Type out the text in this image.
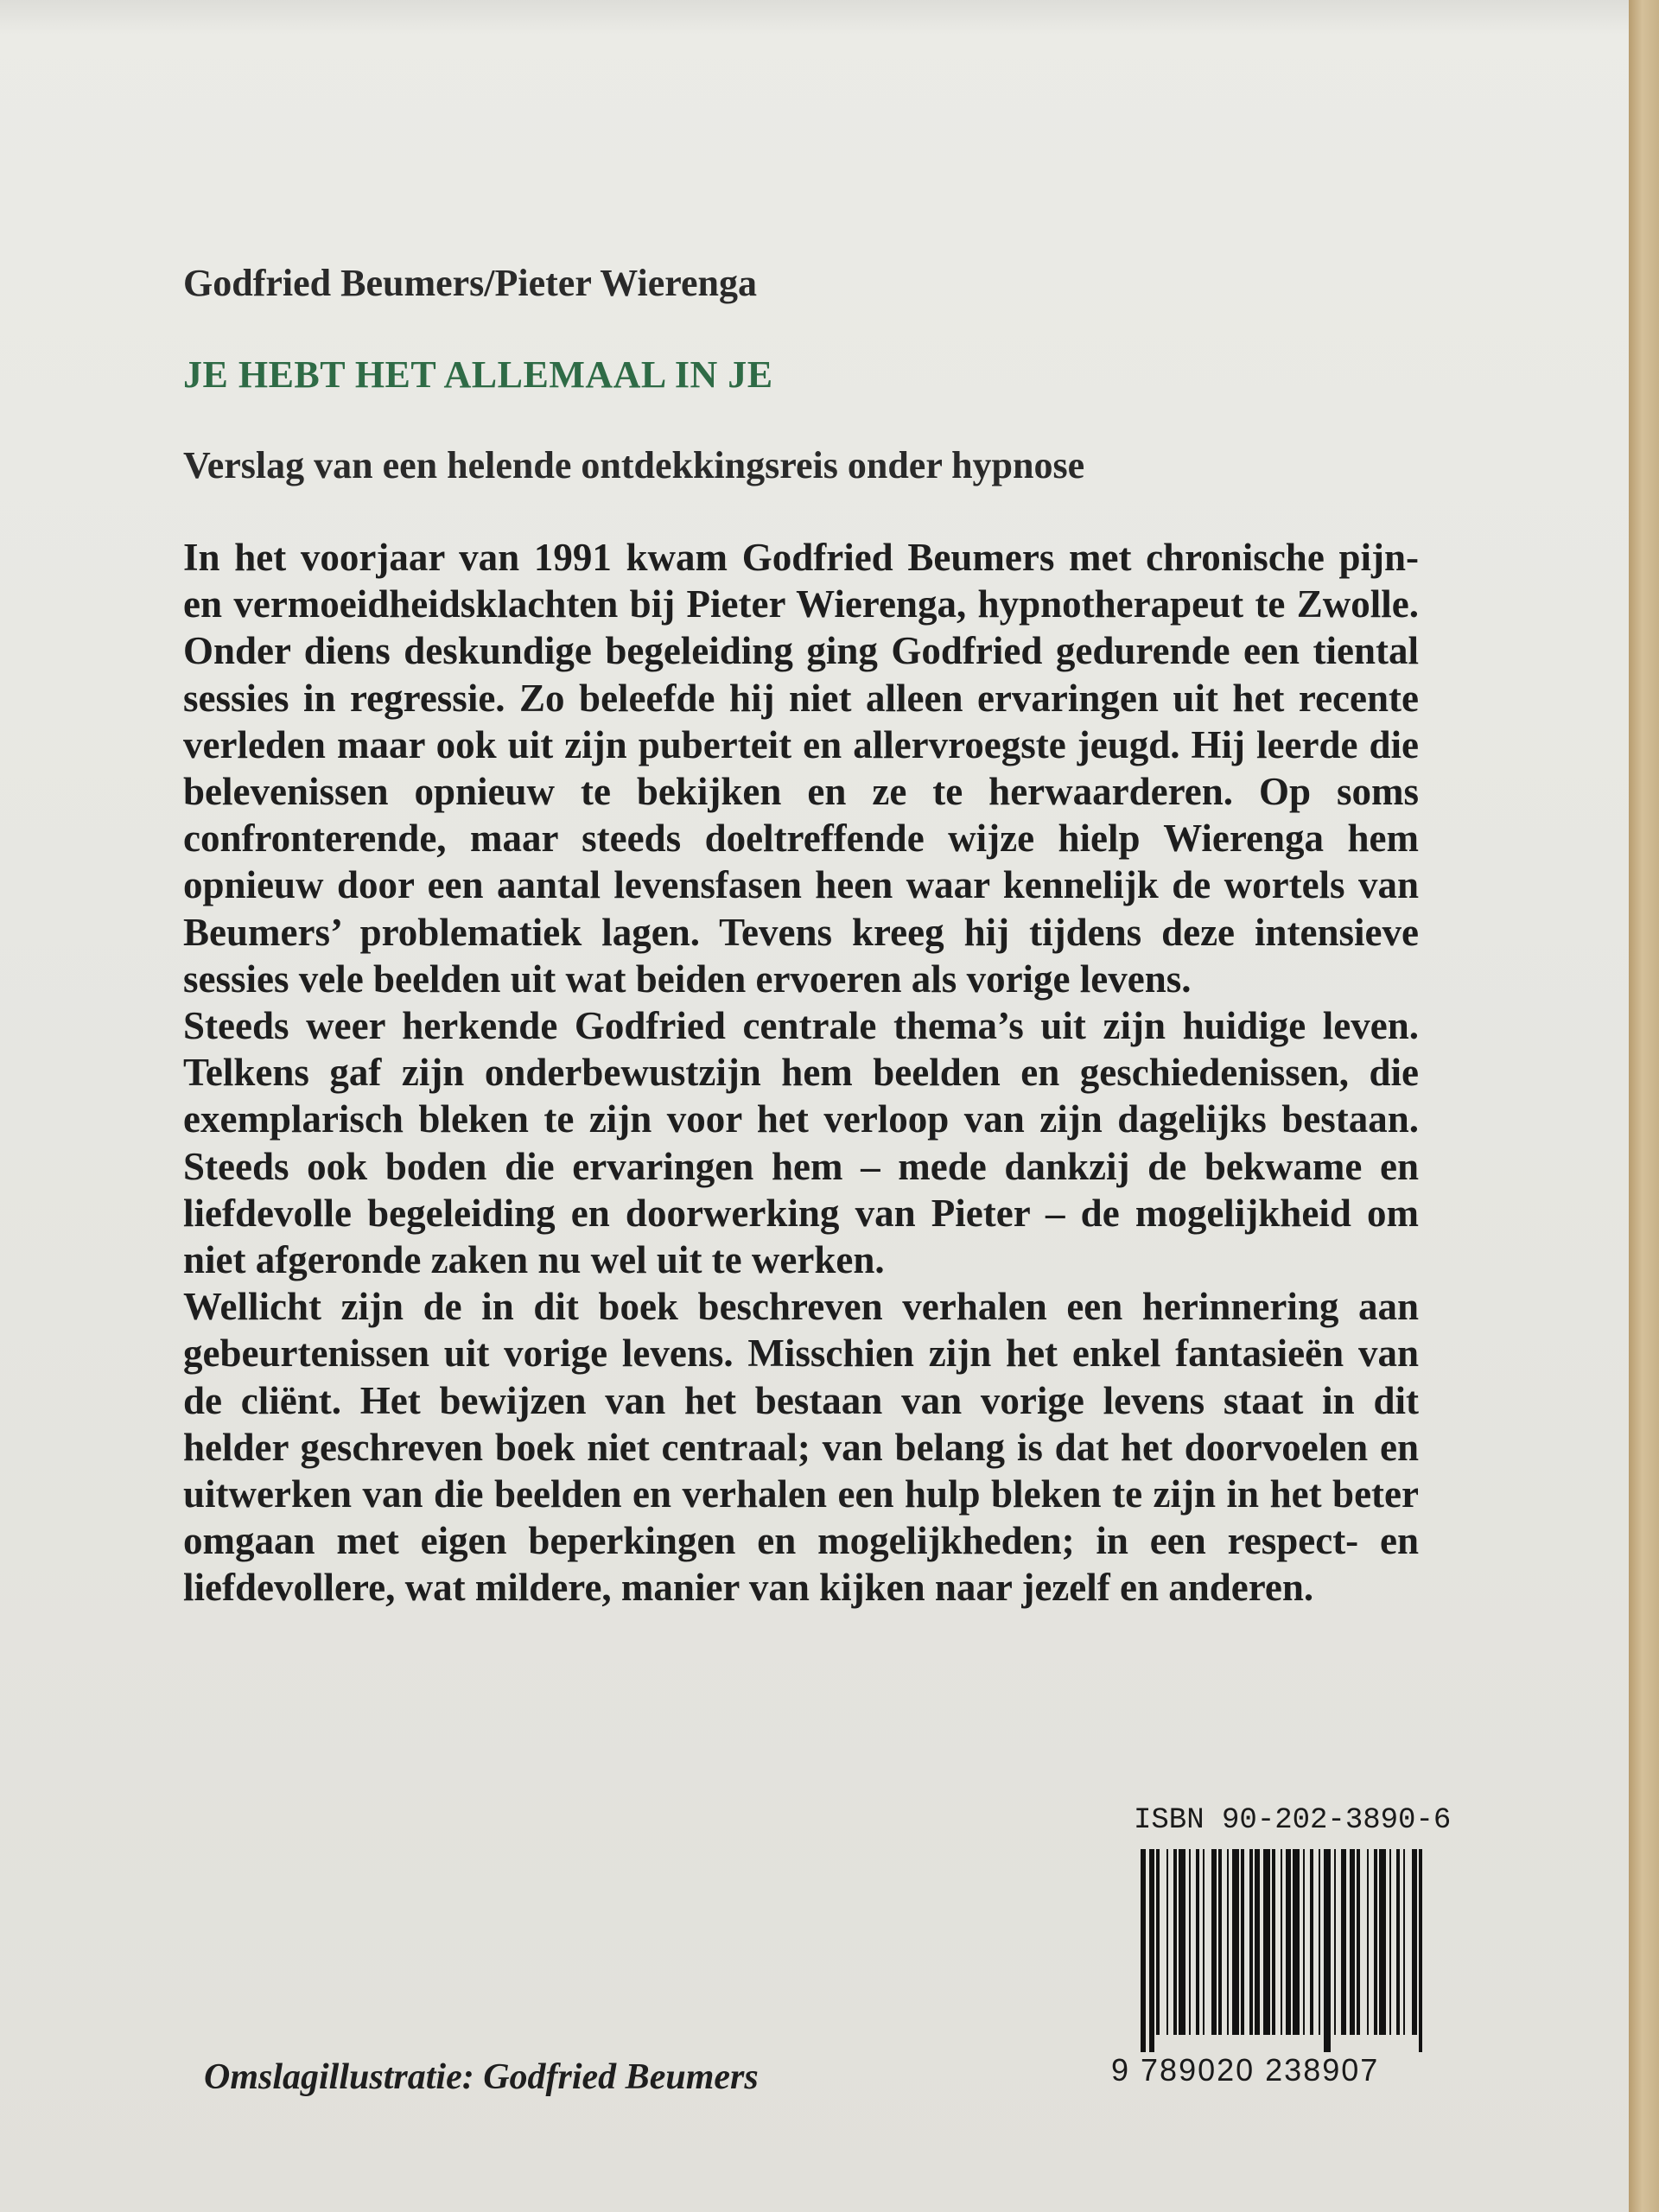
Godfried Beumers/Pieter Wierenga
JE HEBT HET ALLEMAAL IN JE
Verslag van een helende ontdekkingsreis onder hypnose

In het voorjaar van 1991 kwam Godfried Beumers met chronische pijn- en vermoeidheidsklachten bij Pieter Wierenga, hypnotherapeut te Zwolle. Onder diens deskundige begeleiding ging Godfried gedurende een tiental sessies in regressie. Zo beleefde hij niet alleen ervaringen uit het recente verleden maar ook uit zijn puberteit en allervroegste jeugd. Hij leerde die belevenissen opnieuw te bekijken en ze te herwaarderen. Op soms confronterende, maar steeds doeltreffende wijze hielp Wierenga hem opnieuw door een aantal levensfasen heen waar kennelijk de wortels van Beumers’ problematiek lagen. Tevens kreeg hij tijdens deze intensieve sessies vele beelden uit wat beiden ervoeren als vorige levens.

Steeds weer herkende Godfried centrale thema’s uit zijn huidige leven. Telkens gaf zijn onderbewustzijn hem beelden en geschiedenissen, die exemplarisch bleken te zijn voor het verloop van zijn dagelijks bestaan. Steeds ook boden die ervaringen hem – mede dankzij de bekwame en liefdevolle begeleiding en doorwerking van Pieter – de mogelijkheid om niet afgeronde zaken nu wel uit te werken.

Wellicht zijn de in dit boek beschreven verhalen een herinnering aan gebeurtenissen uit vorige levens. Misschien zijn het enkel fantasieën van de cliënt. Het bewijzen van het bestaan van vorige levens staat in dit helder geschreven boek niet centraal; van belang is dat het doorvoelen en uitwerken van die beelden en verhalen een hulp bleken te zijn in het beter omgaan met eigen beperkingen en mogelijkheden; in een respect- en liefdevollere, wat mildere, manier van kijken naar jezelf en anderen.

ISBN 90-202-3890-6
9 789020 238907
Omslagillustratie: Godfried Beumers
